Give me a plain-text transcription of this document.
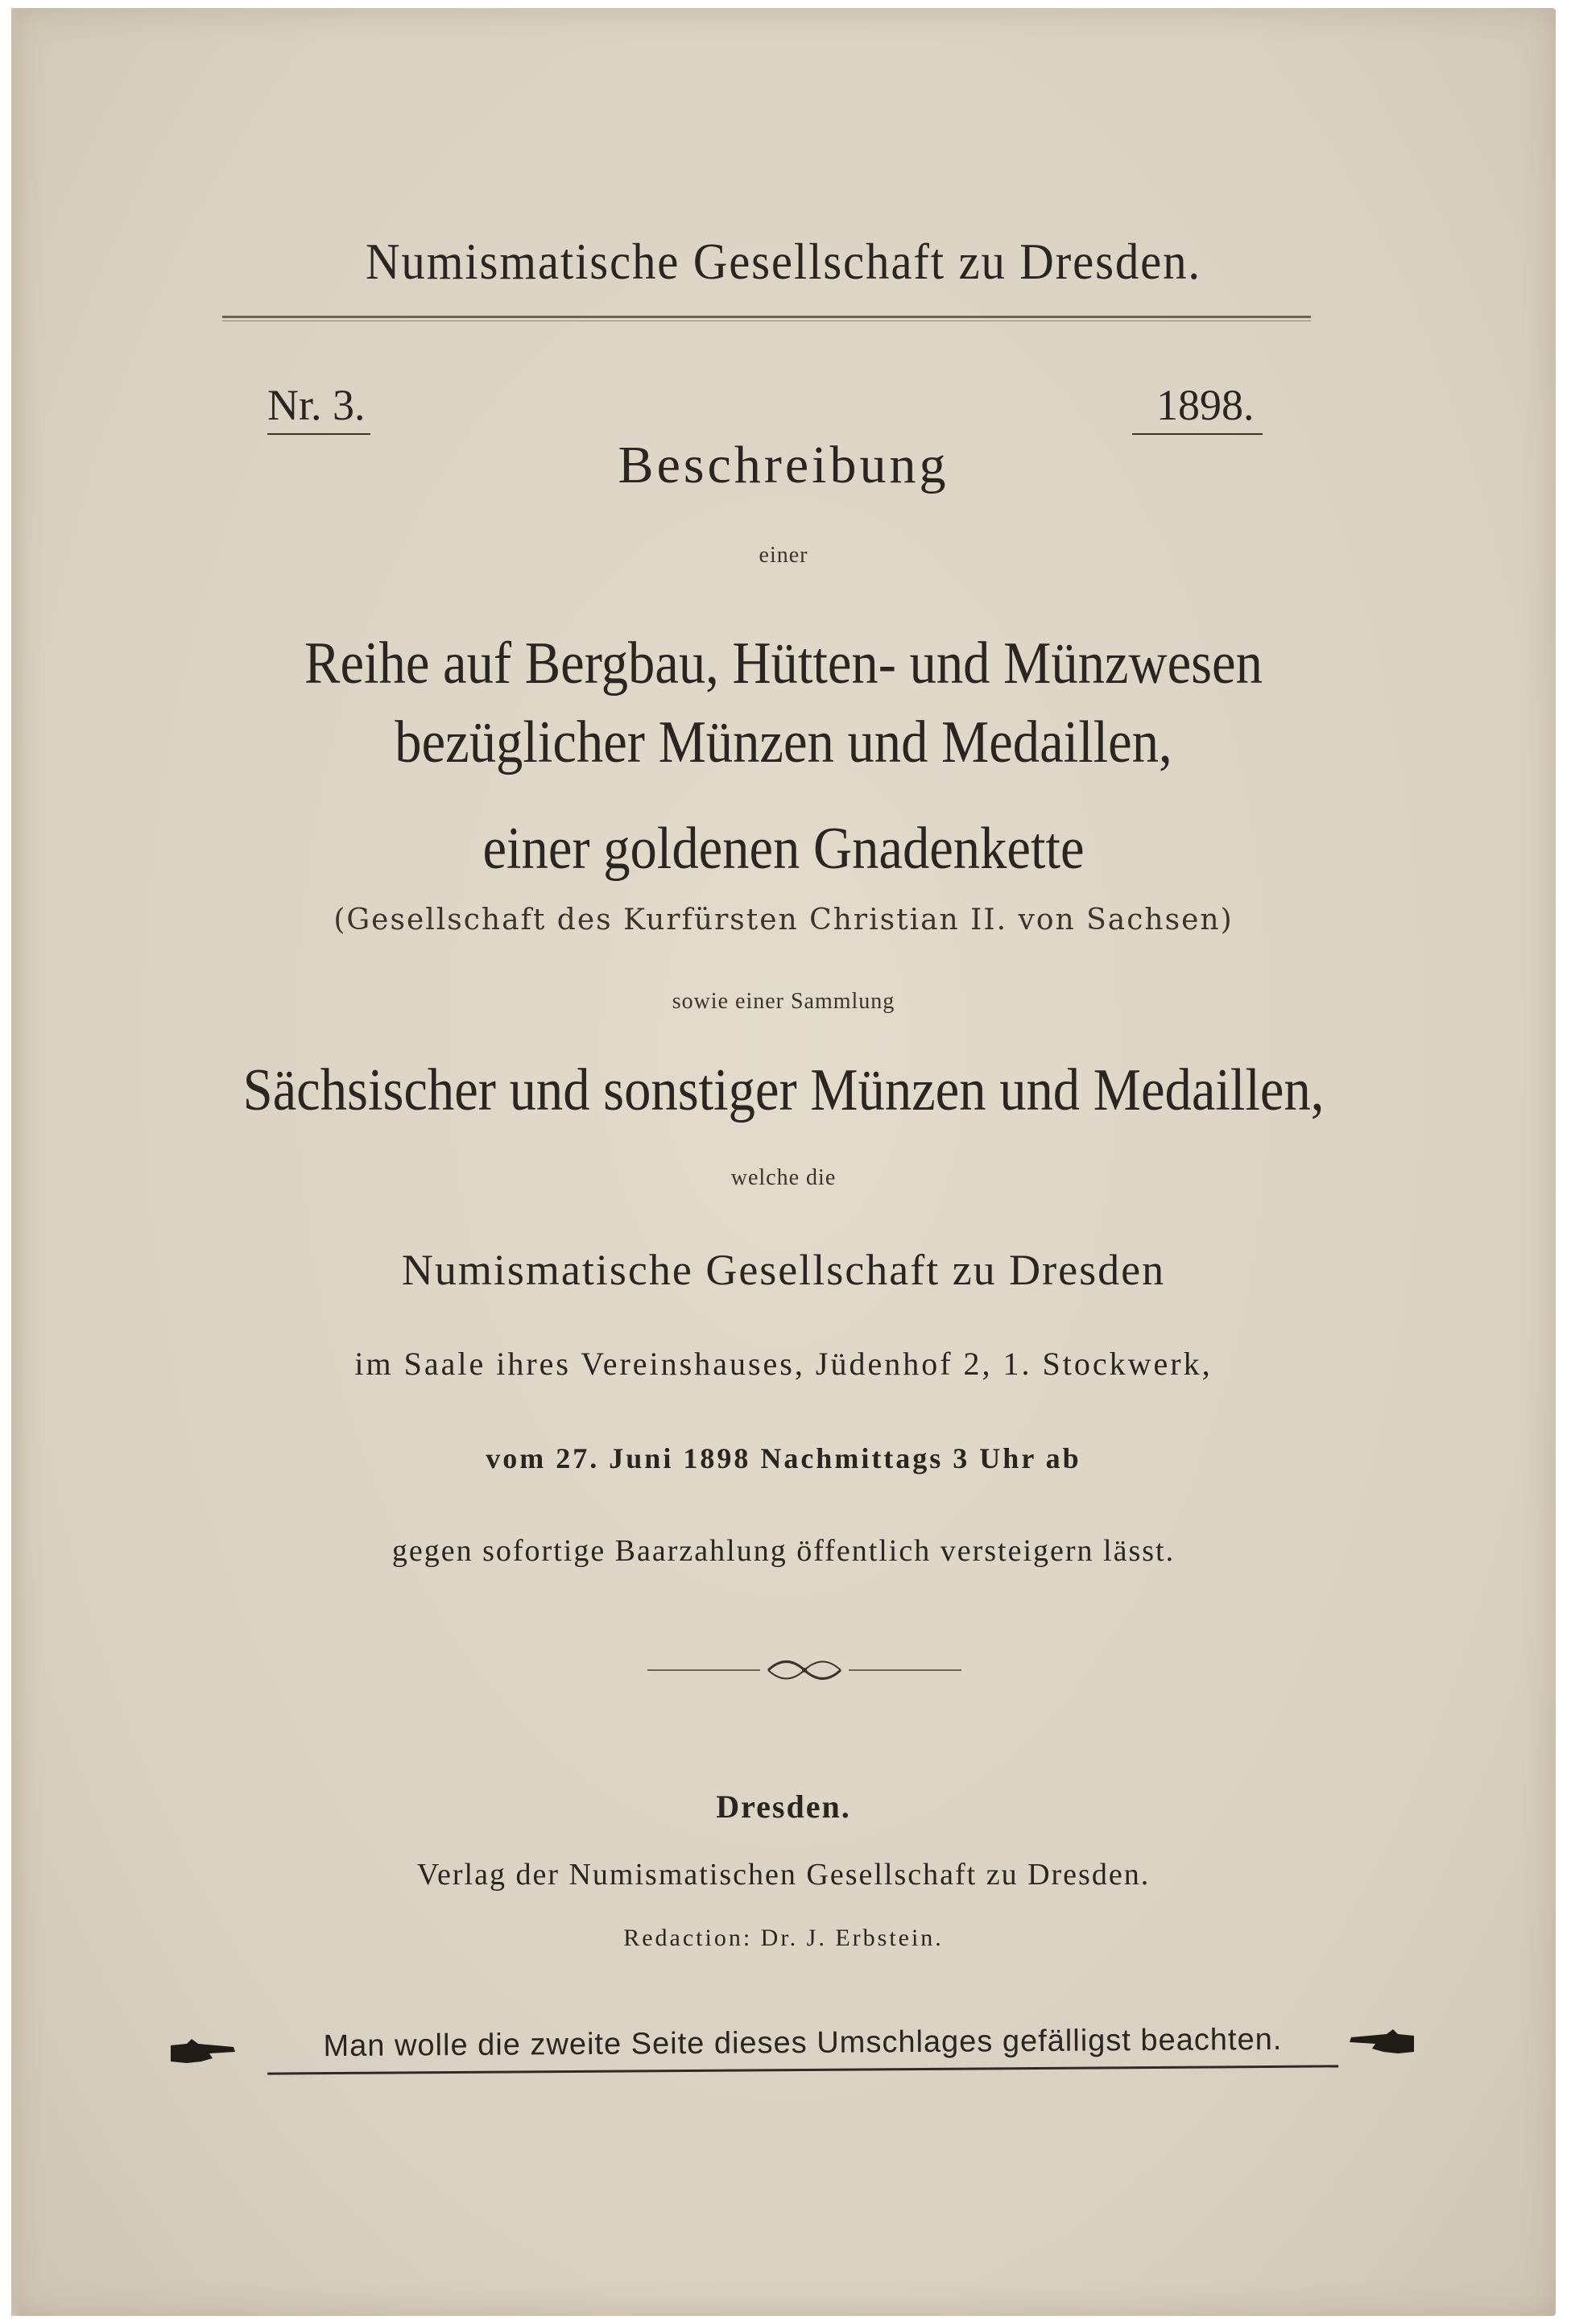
Numismatische Gesellschaft zu Dresden.
Nr. 3.	1898.
Beschreibung
einer
Reihe auf Bergbau, Hütten- und Münzwesen
bezüglicher Münzen und Medaillen,
einer goldenen Gnadenkette
(Gesellschaft des Kurfürsten Christian II. von Sachsen)
sowie einer Sammlung
Sächsischer und sonstiger Münzen und Medaillen,
welche die
Numismatische Gesellschaft zu Dresden
im Saale ihres Vereinshauses, Jüdenhof 2, 1. Stockwerk,
vom 27. Juni 1898 Nachmittags 3 Uhr ab
gegen sofortige Baarzahlung öffentlich versteigern lässt.
Dresden.
Verlag der Numismatischen Gesellschaft zu Dresden.
Redaction: Dr. J. Erbstein.
Man wolle die zweite Seite dieses Umschlages gefälligst beachten.
